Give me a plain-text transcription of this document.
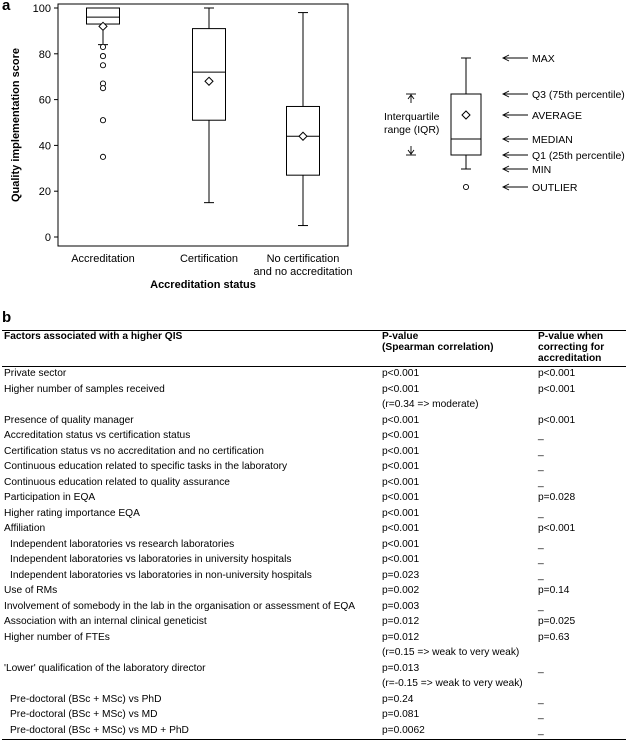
a
0
20
40
60
80
100
Quality implementation score
Accreditation	Certification	No certification
and no accreditation
Accreditation status
MAX
Q3 (75th percentile)
AVERAGE
MEDIAN
Q1 (25th percentile)
MIN
OUTLIER
Interquartile
range (IQR)
b
Factors associated with a higher QIS	P-value
(Spearman correlation)	P-value when
correcting for
accreditation
Private sector	p<0.001	p<0.001
Higher number of samples received	p<0.001	p<0.001
	(r=0.34 => moderate)	
Presence of quality manager	p<0.001	p<0.001
Accreditation status vs certification status	p<0.001	_
Certification status vs no accreditation and no certification	p<0.001	_
Continuous education related to specific tasks in the laboratory	p<0.001	_
Continuous education related to quality assurance	p<0.001	_
Participation in EQA	p<0.001	p=0.028
Higher rating importance EQA	p<0.001	_
Affiliation	p<0.001	p<0.001
Independent laboratories vs research laboratories	p<0.001	_
Independent laboratories vs laboratories in university hospitals	p<0.001	_
Independent laboratories vs laboratories in non-university hospitals	p=0.023	_
Use of RMs	p=0.002	p=0.14
Involvement of somebody in the lab in the organisation or assessment of EQA	p=0.003	_
Association with an internal clinical geneticist	p=0.012	p=0.025
Higher number of FTEs	p=0.012	p=0.63
	(r=0.15 => weak to very weak)	
'Lower' qualification of the laboratory director	p=0.013	_
	(r=-0.15 => weak to very weak)	
Pre-doctoral (BSc + MSc) vs PhD	p=0.24	_
Pre-doctoral (BSc + MSc) vs MD	p=0.081	_
Pre-doctoral (BSc + MSc) vs MD + PhD	p=0.0062	_
